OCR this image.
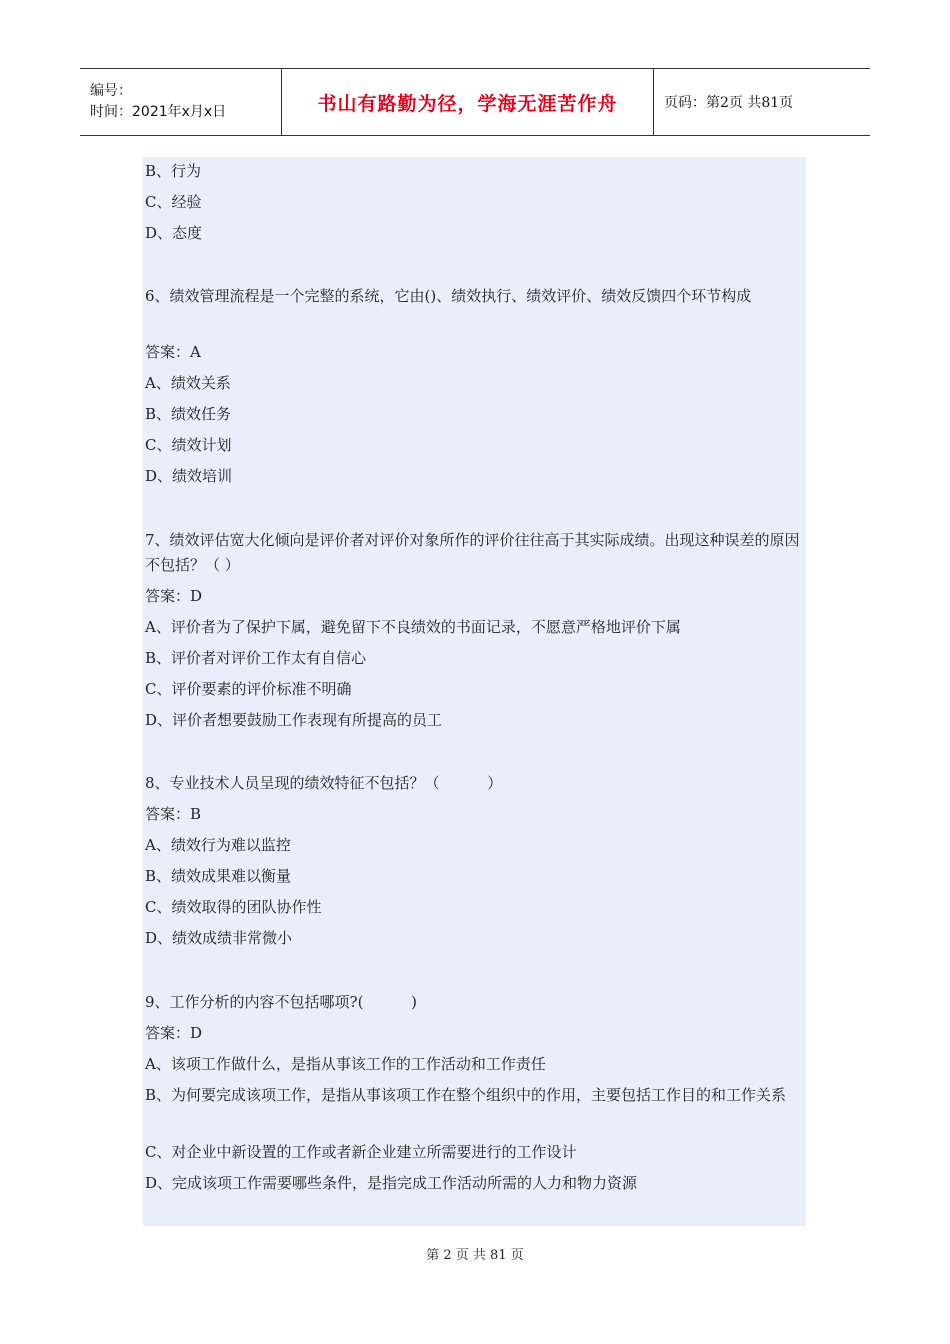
编号：
时间：2021年x月x日	书山有路勤为径，学海无涯苦作舟	页码：第2页 共81页
B、行为
C、经验
D、态度
6、绩效管理流程是一个完整的系统，它由()、绩效执行、绩效评价、绩效反馈四个环节构成
答案：A
A、绩效关系
B、绩效任务
C、绩效计划
D、绩效培训
7、绩效评估宽大化倾向是评价者对评价对象所作的评价往往高于其实际成绩。出现这种误差的原因不包括？（ ）
答案：D
A、评价者为了保护下属，避免留下不良绩效的书面记录，不愿意严格地评价下属
B、评价者对评价工作太有自信心
C、评价要素的评价标准不明确
D、评价者想要鼓励工作表现有所提高的员工
8、专业技术人员呈现的绩效特征不包括？（          ）
答案：B
A、绩效行为难以监控
B、绩效成果难以衡量
C、绩效取得的团队协作性
D、绩效成绩非常微小
9、工作分析的内容不包括哪项?(          )
答案：D
A、该项工作做什么，是指从事该工作的工作活动和工作责任
B、为何要完成该项工作，是指从事该项工作在整个组织中的作用，主要包括工作目的和工作关系
C、对企业中新设置的工作或者新企业建立所需要进行的工作设计
D、完成该项工作需要哪些条件，是指完成工作活动所需的人力和物力资源
第 2 页 共 81 页
